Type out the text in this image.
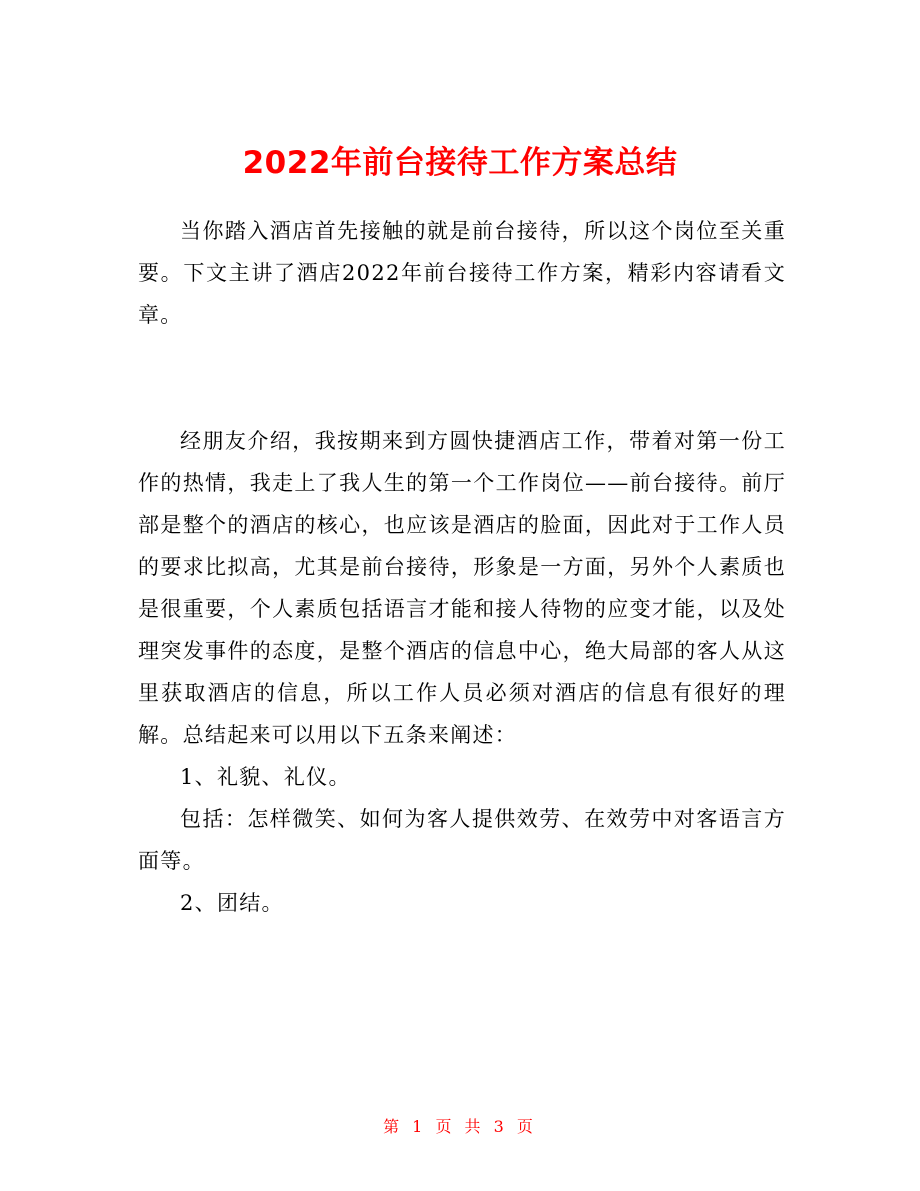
2022年前台接待工作方案总结

当你踏入酒店首先接触的就是前台接待，所以这个岗位至关重要。下文主讲了酒店2022年前台接待工作方案，精彩内容请看文章。

经朋友介绍，我按期来到方圆快捷酒店工作，带着对第一份工作的热情，我走上了我人生的第一个工作岗位——前台接待。前厅部是整个的酒店的核心，也应该是酒店的脸面，因此对于工作人员的要求比拟高，尤其是前台接待，形象是一方面，另外个人素质也是很重要，个人素质包括语言才能和接人待物的应变才能，以及处理突发事件的态度，是整个酒店的信息中心，绝大局部的客人从这里获取酒店的信息，所以工作人员必须对酒店的信息有很好的理解。总结起来可以用以下五条来阐述：

1、礼貌、礼仪。

包括：怎样微笑、如何为客人提供效劳、在效劳中对客语言方面等。

2、团结。

第 1 页 共 3 页
